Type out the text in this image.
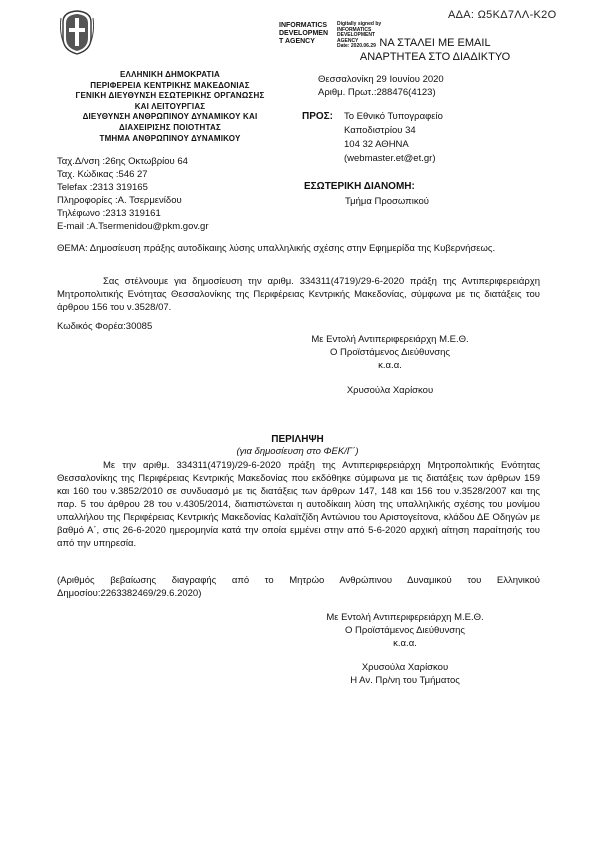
ΑΔΑ: Ω5ΚΔ7ΛΛ-Κ2Ο
INFORMATICS
DEVELOPMEN
T AGENCY
Digitally signed by
INFORMATICS
DEVELOPMENT
AGENCY
Date: 2020.06.29 ΝΑ ΣΤΑΛΕΙ ΜΕ EMAIL
ΑΝΑΡΤΗΤΕΑ ΣΤΟ ΔΙΑΔΙΚΤΥΟ
ΕΛΛΗΝΙΚΗ ΔΗΜΟΚΡΑΤΙΑ
ΠΕΡΙΦΕΡΕΙΑ ΚΕΝΤΡΙΚΗΣ ΜΑΚΕΔΟΝΙΑΣ
ΓΕΝΙΚΗ ΔΙΕΥΘΥΝΣΗ ΕΣΩΤΕΡΙΚΗΣ ΟΡΓΑΝΩΣΗΣ
ΚΑΙ ΛΕΙΤΟΥΡΓΙΑΣ
ΔΙΕΥΘΥΝΣΗ ΑΝΘΡΩΠΙΝΟΥ ΔΥΝΑΜΙΚΟΥ ΚΑΙ
ΔΙΑΧΕΙΡΙΣΗΣ ΠΟΙΟΤΗΤΑΣ
ΤΜΗΜΑ ΑΝΘΡΩΠΙΝΟΥ ΔΥΝΑΜΙΚΟΥ
Ταχ.Δ/νση :26ης Οκτωβρίου 64
Ταχ. Κώδικας :546 27
Telefax :2313 319165
Πληροφορίες :Α. Τσερμενίδου
Τηλέφωνο :2313 319161
E-mail :A.Tsermenidou@pkm.gov.gr
Θεσσαλονίκη 29 Ιουνίου 2020
Αριθμ. Πρωτ.:288476(4123)
ΠΡΟΣ: Το Εθνικό Τυπογραφείο
Καποδιστρίου 34
104 32 ΑΘΗΝΑ
(webmaster.et@et.gr)
ΕΣΩΤΕΡΙΚΗ ΔΙΑΝΟΜΗ:
Τμήμα Προσωπικού
ΘΕΜΑ: Δημοσίευση πράξης αυτοδίκαιης λύσης υπαλληλικής σχέσης στην Εφημερίδα της Κυβερνήσεως.
Σας στέλνουμε για δημοσίευση την αριθμ. 334311(4719)/29-6-2020 πράξη της Αντιπεριφερειάρχη Μητροπολιτικής Ενότητας Θεσσαλονίκης της Περιφέρειας Κεντρικής Μακεδονίας, σύμφωνα με τις διατάξεις του άρθρου 156 του ν.3528/07.
Κωδικός Φορέα:30085
Με Εντολή Αντιπεριφερειάρχη Μ.Ε.Θ.
Ο Προϊστάμενος Διεύθυνσης
κ.α.α.
Χρυσούλα Χαρίσκου
ΠΕΡΙΛΗΨΗ
(για δημοσίευση στο ΦΕΚ/Γ΄)
Με την αριθμ. 334311(4719)/29-6-2020 πράξη της Αντιπεριφερειάρχη Μητροπολιτικής Ενότητας Θεσσαλονίκης της Περιφέρειας Κεντρικής Μακεδονίας που εκδόθηκε σύμφωνα με τις διατάξεις των άρθρων 159 και 160 του ν.3852/2010 σε συνδυασμό με τις διατάξεις των άρθρων 147, 148 και 156 του ν.3528/2007 και της παρ. 5 του άρθρου 28 του ν.4305/2014, διαπιστώνεται η αυτοδίκαιη λύση της υπαλληλικής σχέσης του μονίμου υπαλλήλου της Περιφέρειας Κεντρικής Μακεδονίας Καλαϊτζίδη Αντώνιου του Αριστογείτονα, κλάδου ΔΕ Οδηγών με βαθμό Α΄, στις 26-6-2020 ημερομηνία κατά την οποία εμμένει στην από 5-6-2020 αρχική αίτηση παραίτησής του από την υπηρεσία.
(Αριθμός βεβαίωσης διαγραφής από το Μητρώο Ανθρώπινου Δυναμικού του Ελληνικού Δημοσίου:2263382469/29.6.2020)
Με Εντολή Αντιπεριφερειάρχη Μ.Ε.Θ.
Ο Προϊστάμενος Διεύθυνσης
κ.α.α.
Χρυσούλα Χαρίσκου
Η Αν. Πρ/νη του Τμήματος
